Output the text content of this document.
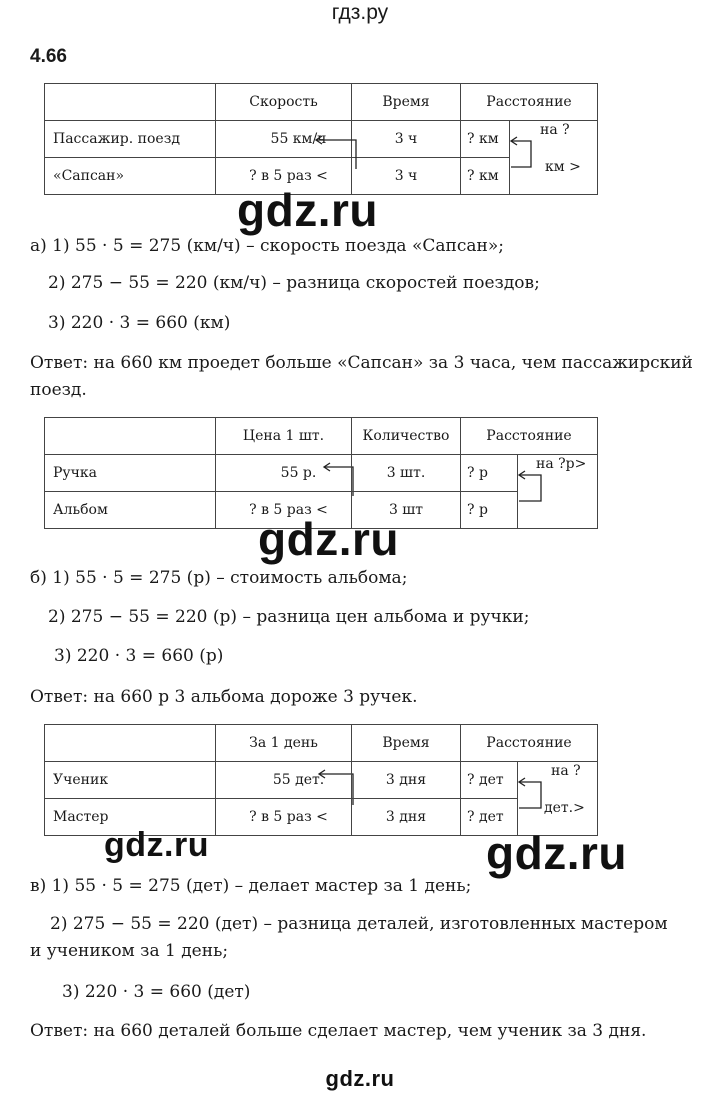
гдз.ру
4.66
	Скорость	Время	Расстояние	
Пассажир. поезд	55 км/ч	3 ч	? км	
«Сапсан»	? в 5 раз <	3 ч	? км	
на ?
км >
gdz.ru
а) 1) 55 · 5 = 275 (км/ч) – скорость поезда «Сапсан»;
2) 275 − 55 = 220 (км/ч) – разница скоростей поездов;
3) 220 · 3 = 660 (км)
Ответ: на 660 км проедет больше «Сапсан» за 3 часа, чем пассажирский
поезд.
	Цена 1 шт.	Количество	Расстояние	
Ручка	55 р.	3 шт.	? р	
Альбом	? в 5 раз <	3 шт	? р	
на ?р>
gdz.ru
б) 1) 55 · 5 = 275 (р) – стоимость альбома;
2) 275 − 55 = 220 (р) – разница цен альбома и ручки;
3) 220 · 3 = 660 (р)
Ответ: на 660 р 3 альбома дороже 3 ручек.
	За 1 день	Время	Расстояние	
Ученик	55 дет.	3 дня	? дет	
Мастер	? в 5 раз <	3 дня	? дет	
на ?
дет.>
gdz.ru	gdz.ru
в) 1) 55 · 5 = 275 (дет) – делает мастер за 1 день;
2) 275 − 55 = 220 (дет) – разница деталей, изготовленных мастером
и учеником за 1 день;
3) 220 · 3 = 660 (дет)
Ответ: на 660 деталей больше сделает мастер, чем ученик за 3 дня.
gdz.ru
